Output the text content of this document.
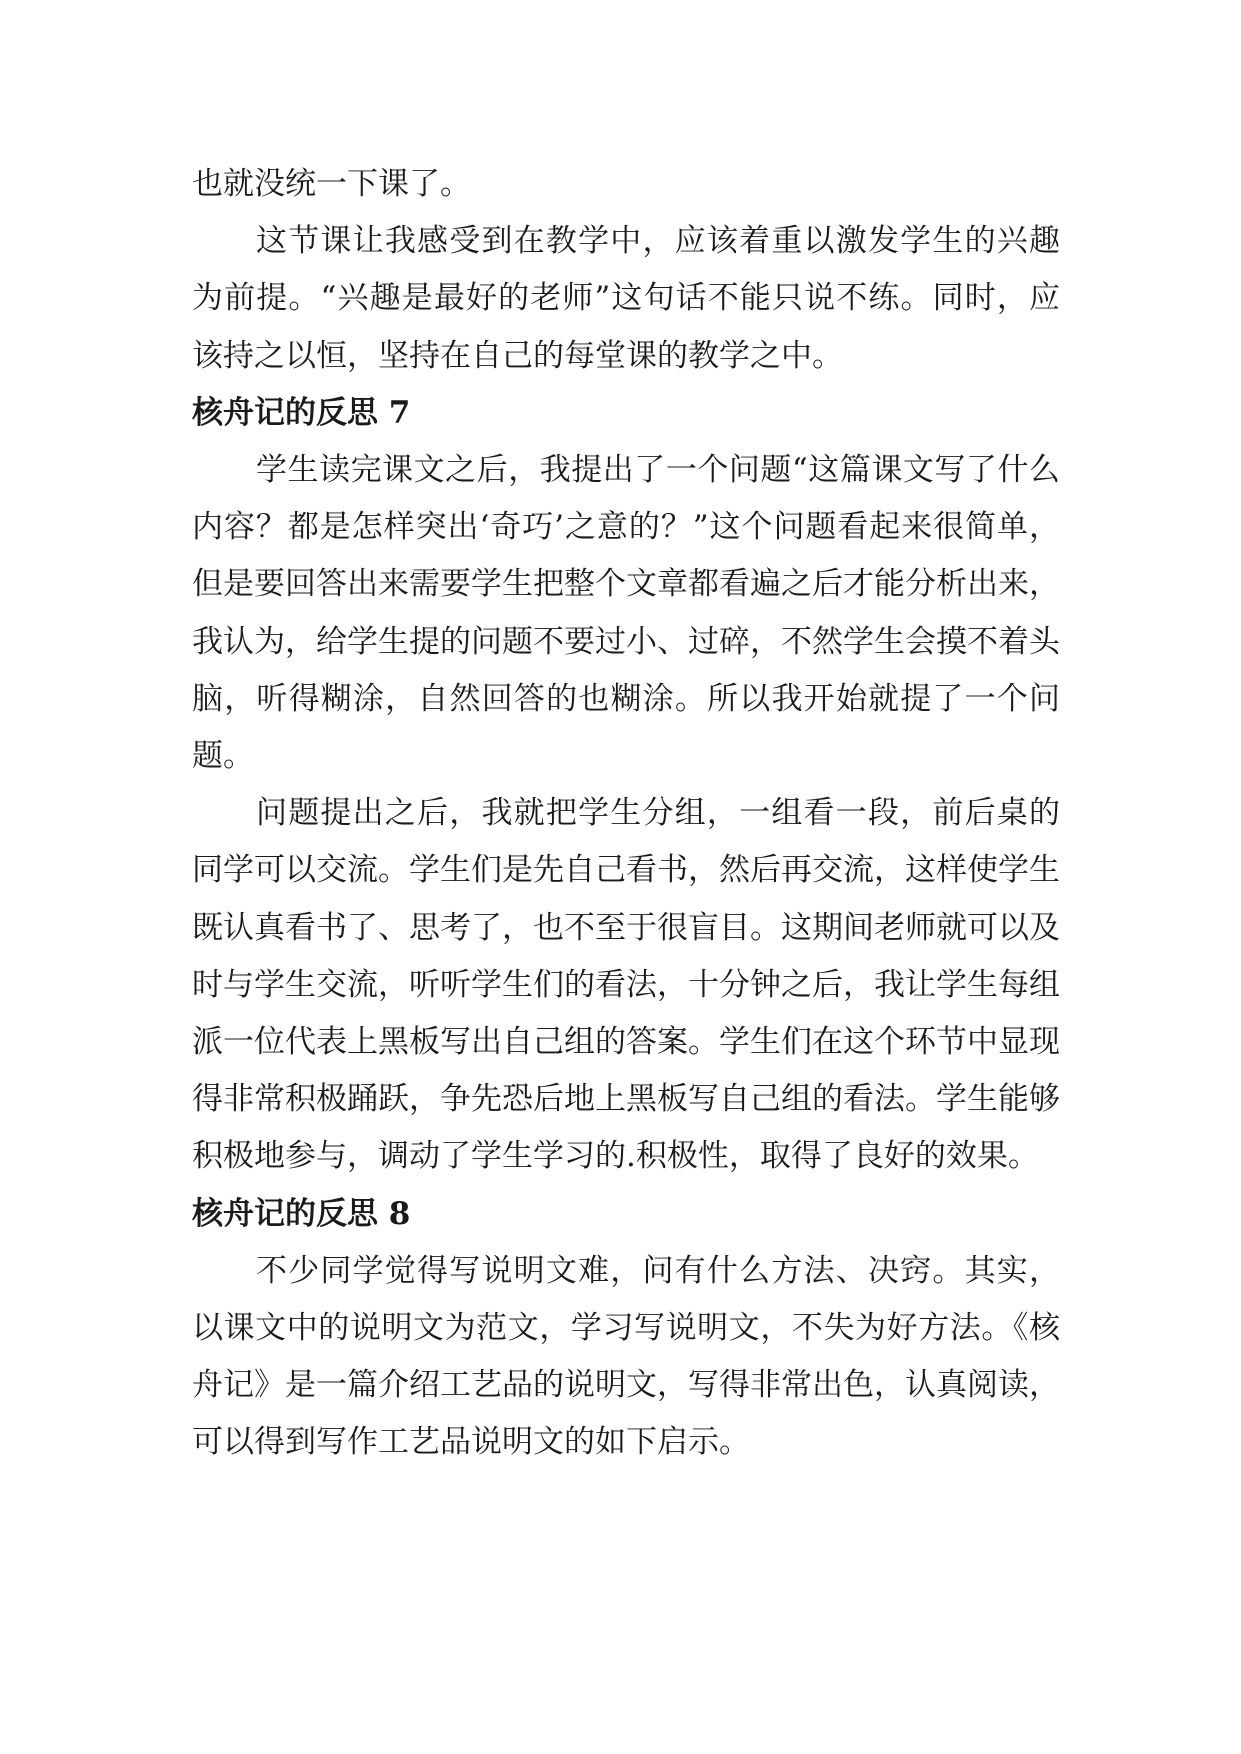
也就没统一下课了。

这节课让我感受到在教学中，应该着重以激发学生的兴趣为前提。“兴趣是最好的老师”这句话不能只说不练。同时，应该持之以恒，坚持在自己的每堂课的教学之中。

核舟记的反思 7

学生读完课文之后，我提出了一个问题“这篇课文写了什么内容？都是怎样突出‘奇巧’之意的？”这个问题看起来很简单，但是要回答出来需要学生把整个文章都看遍之后才能分析出来，我认为，给学生提的问题不要过小、过碎，不然学生会摸不着头脑，听得糊涂，自然回答的也糊涂。所以我开始就提了一个问题。

问题提出之后，我就把学生分组，一组看一段，前后桌的同学可以交流。学生们是先自己看书，然后再交流，这样使学生既认真看书了、思考了，也不至于很盲目。这期间老师就可以及时与学生交流，听听学生们的看法，十分钟之后，我让学生每组派一位代表上黑板写出自己组的答案。学生们在这个环节中显现得非常积极踊跃，争先恐后地上黑板写自己组的看法。学生能够积极地参与，调动了学生学习的.积极性，取得了良好的效果。

核舟记的反思 8

不少同学觉得写说明文难，问有什么方法、决窍。其实，以课文中的说明文为范文，学习写说明文，不失为好方法。《核舟记》是一篇介绍工艺品的说明文，写得非常出色，认真阅读，可以得到写作工艺品说明文的如下启示。
